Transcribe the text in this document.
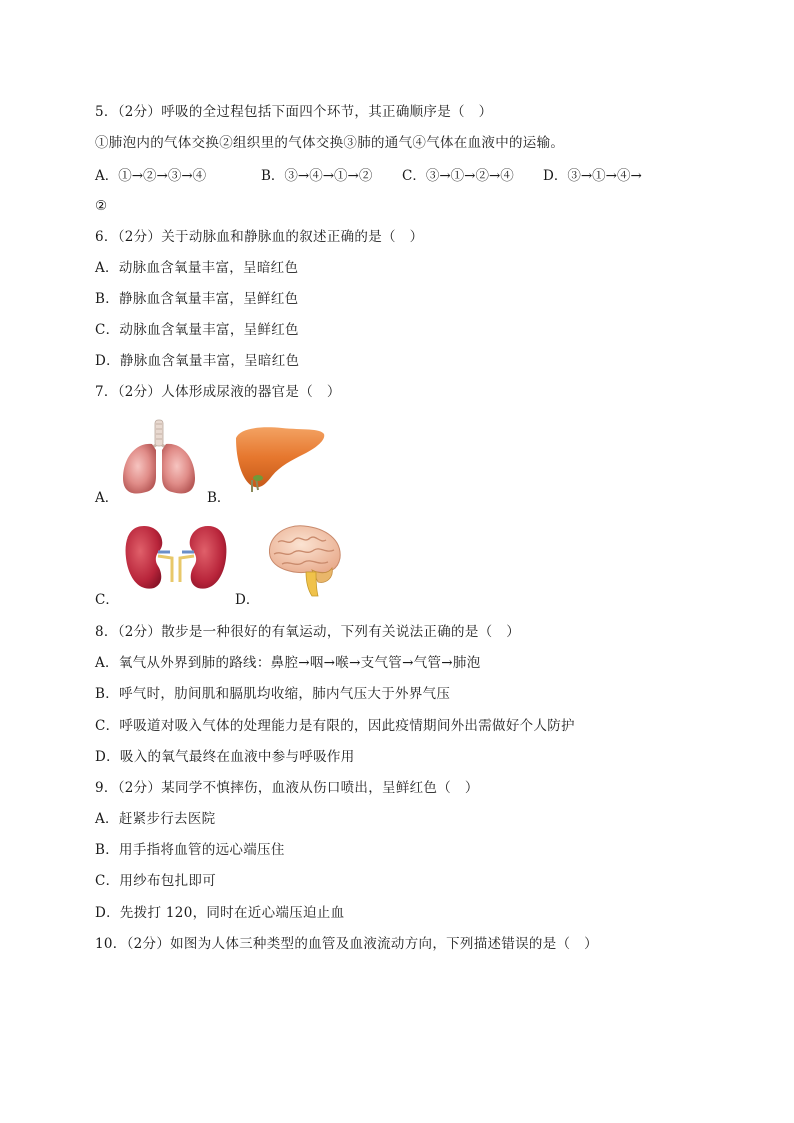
5．（2分）呼吸的全过程包括下面四个环节，其正确顺序是（　）
①肺泡内的气体交换②组织里的气体交换③肺的通气④气体在血液中的运输。
A．①→②→③→④	B．③→④→①→② C．③→①→②→④ D．③→①→④→
②
6．（2分）关于动脉血和静脉血的叙述正确的是（　）
A．动脉血含氧量丰富，呈暗红色
B．静脉血含氧量丰富，呈鲜红色
C．动脉血含氧量丰富，呈鲜红色
D．静脉血含氧量丰富，呈暗红色
7．（2分）人体形成尿液的器官是（　）
A．	B．
C．	D．
8．（2分）散步是一种很好的有氧运动，下列有关说法正确的是（　）
A．氧气从外界到肺的路线：鼻腔→咽→喉→支气管→气管→肺泡
B．呼气时，肋间肌和膈肌均收缩，肺内气压大于外界气压
C．呼吸道对吸入气体的处理能力是有限的，因此疫情期间外出需做好个人防护
D．吸入的氧气最终在血液中参与呼吸作用
9．（2分）某同学不慎摔伤，血液从伤口喷出，呈鲜红色（　）
A．赶紧步行去医院
B．用手指将血管的远心端压住
C．用纱布包扎即可
D．先拨打 120，同时在近心端压迫止血
10．（2分）如图为人体三种类型的血管及血液流动方向，下列描述错误的是（　）
